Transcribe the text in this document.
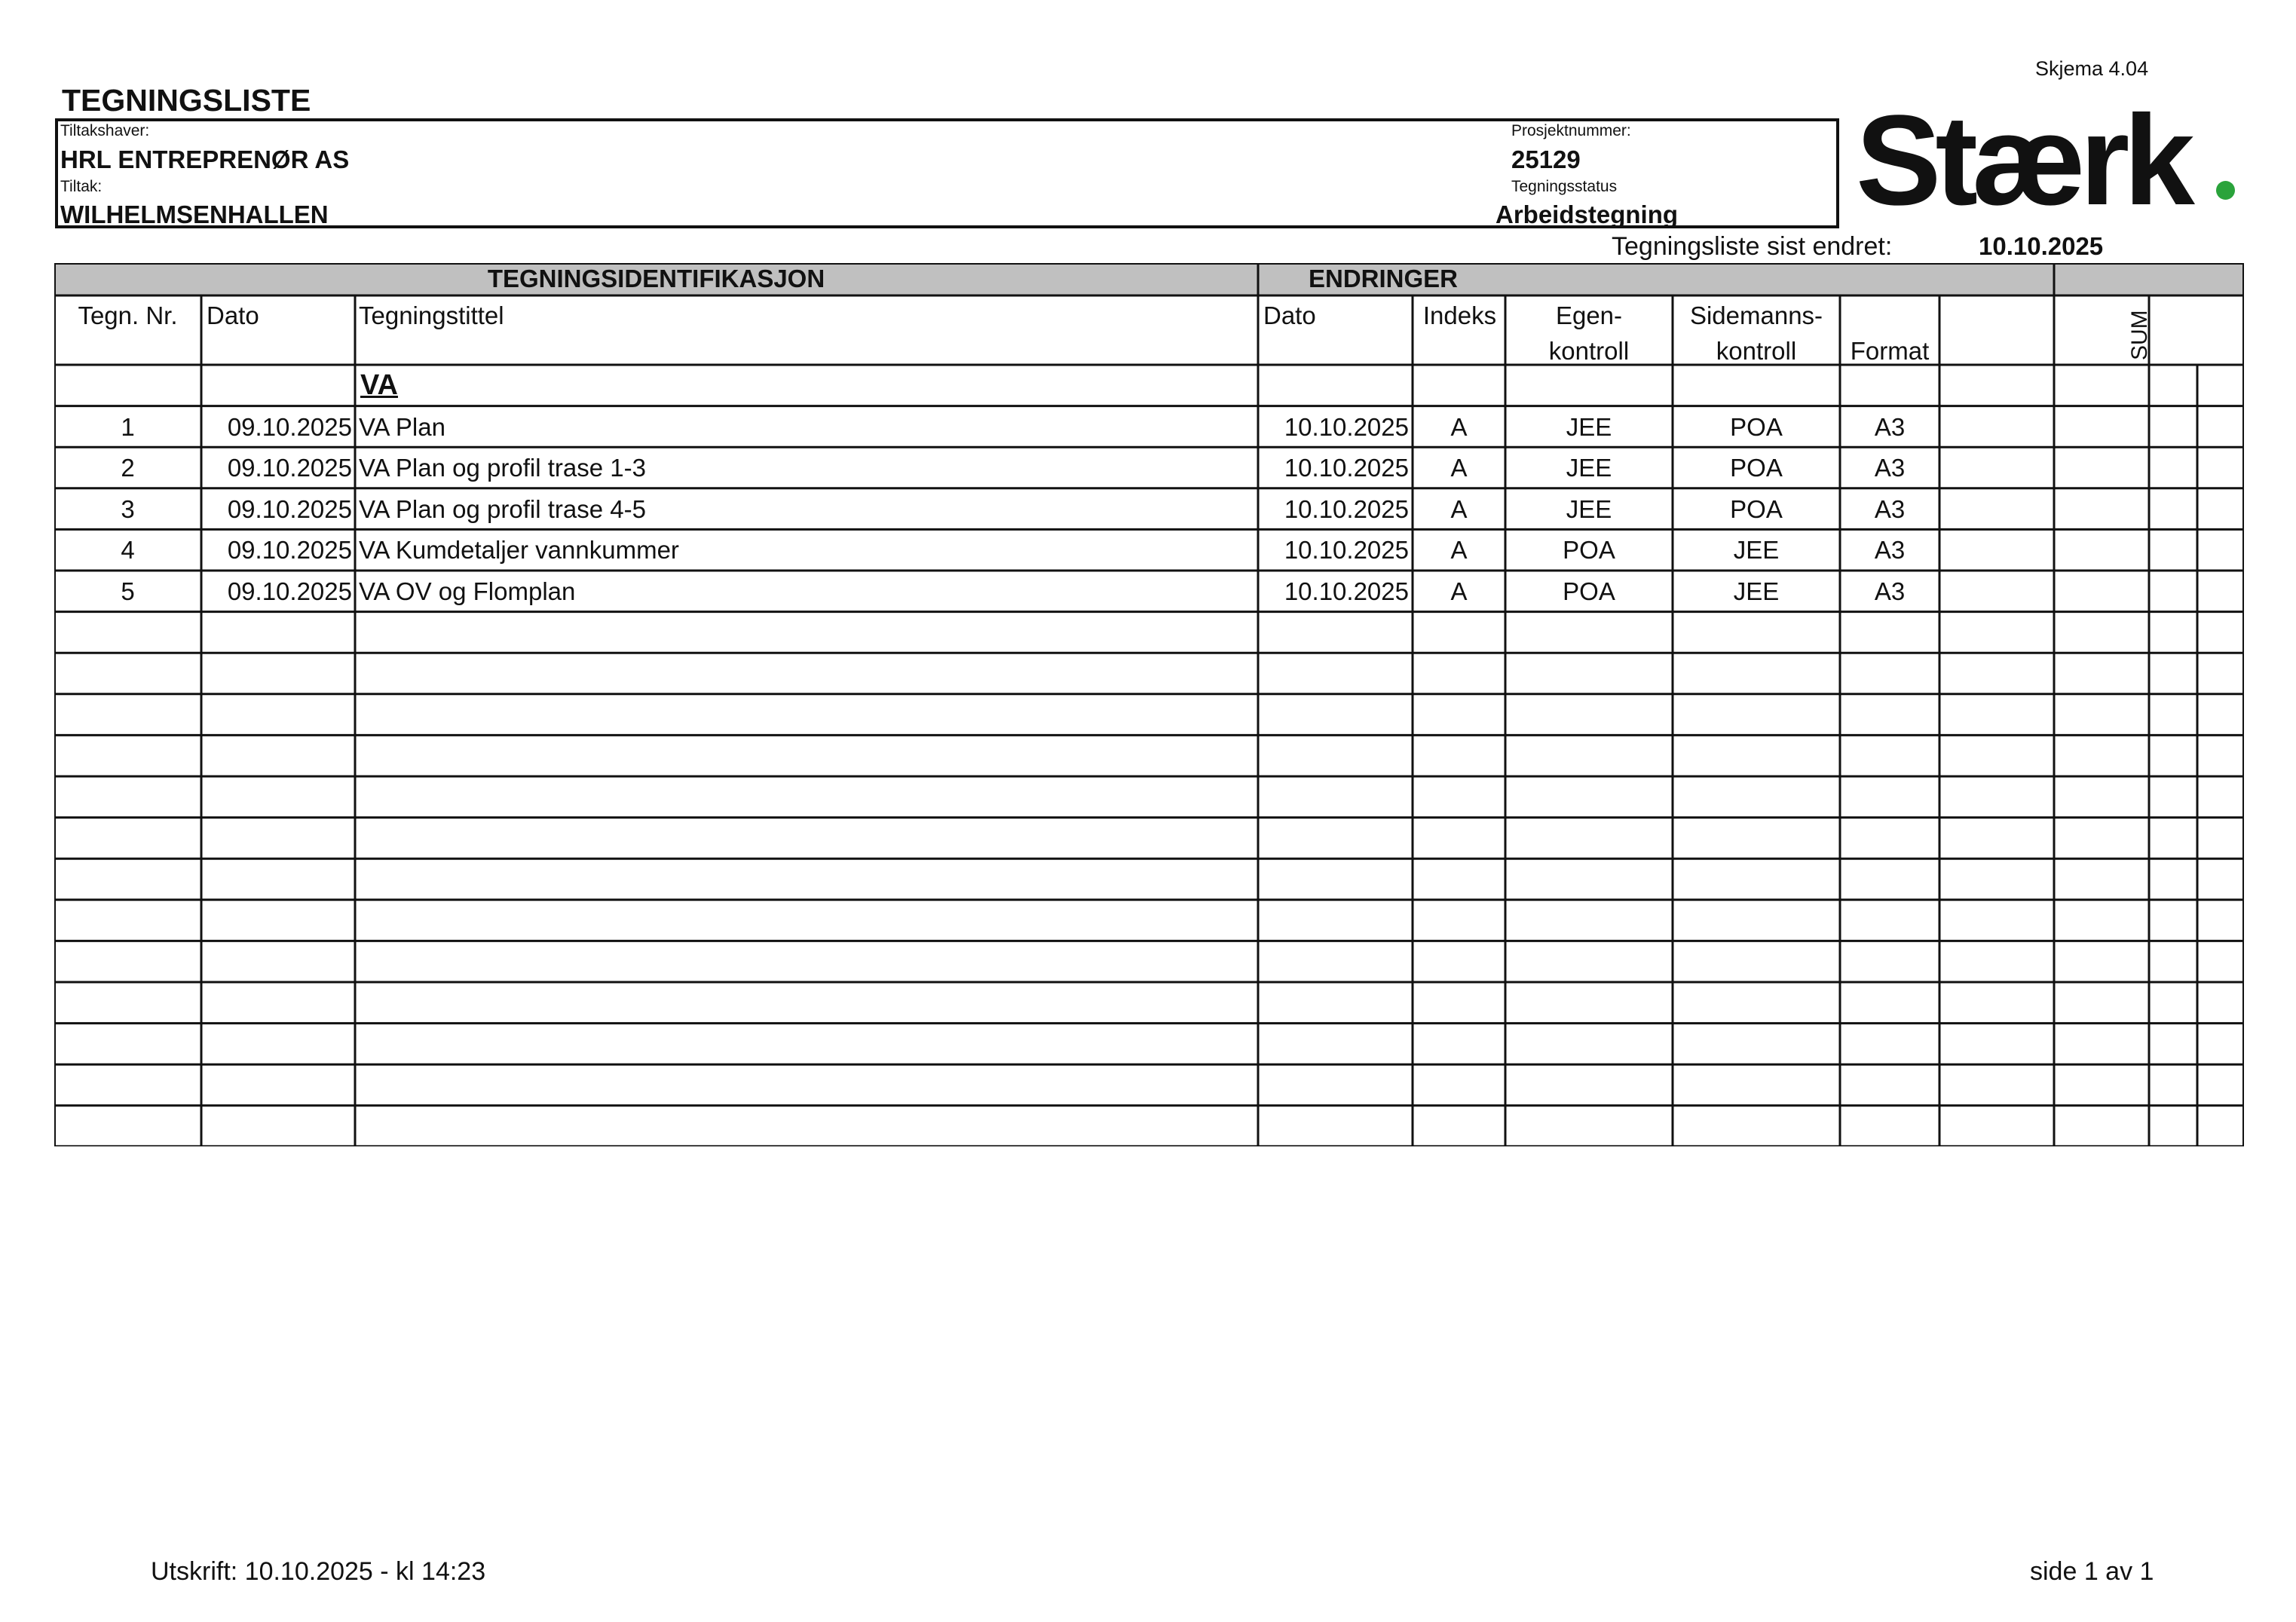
Skjema 4.04
TEGNINGSLISTE
Tiltakshaver:
HRL ENTREPRENØR AS
Tiltak:
WILHELMSENHALLEN
Prosjektnummer:
25129
Tegningsstatus
Arbeidstegning Stærk
Tegningsliste sist endret:	10.10.2025
TEGNINGSIDENTIFIKASJON	ENDRINGER
Tegn. Nr.	Dato	Tegningstittel	Dato	Indeks	Egen-
kontroll
Sidemanns-
kontroll	Format
VA
1	09.10.2025 VA Plan	10.10.2025	A	JEE	POA	A3
2	09.10.2025 VA Plan og profil trase 1-3	10.10.2025	A	JEE	POA	A3
3	09.10.2025 VA Plan og profil trase 4-5	10.10.2025	A	JEE	POA	A3
4	09.10.2025 VA Kumdetaljer vannkummer	10.10.2025	A	POA	JEE	A3
5	09.10.2025 VA OV og Flomplan	10.10.2025	A	POA	JEE	A3
SUM
Utskrift: 10.10.2025 - kl 14:23	side 1 av 1
